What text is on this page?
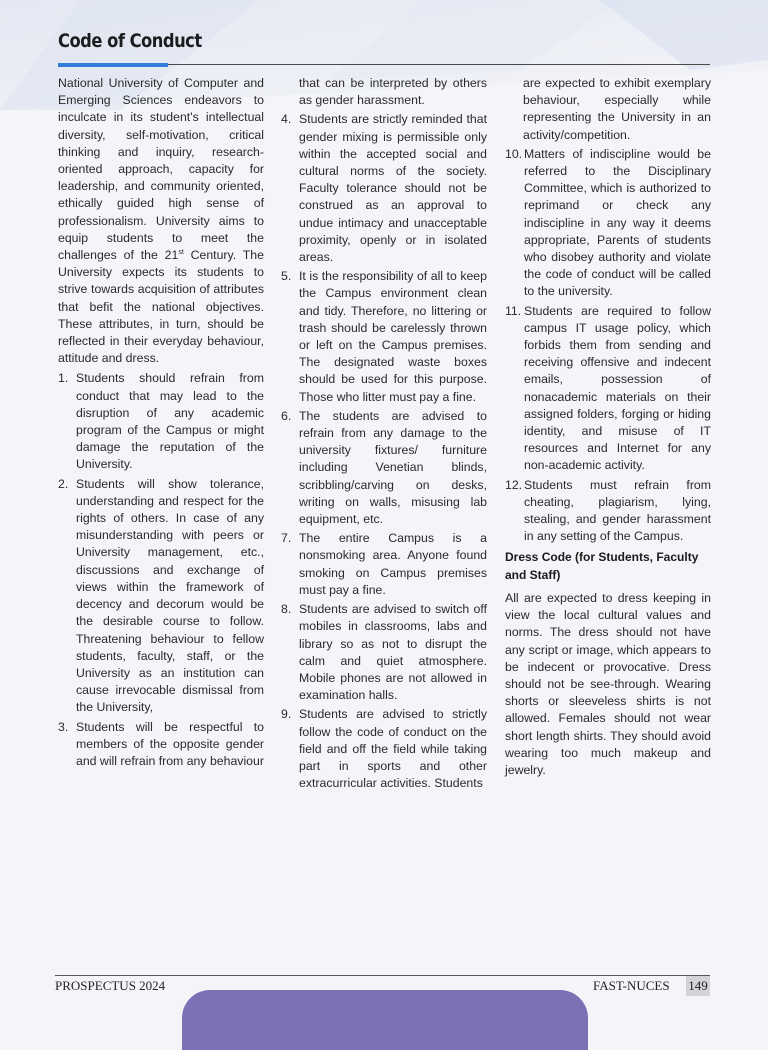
Code of Conduct

National University of Computer and Emerging Sciences endeavors to inculcate in its student's intellectual diversity, self-motivation, critical thinking and inquiry, research-oriented approach, capacity for leadership, and community oriented, ethically guided high sense of professionalism. University aims to equip students to meet the challenges of the 21st Century. The University expects its students to strive towards acquisition of attributes that befit the national objectives. These attributes, in turn, should be reflected in their everyday behaviour, attitude and dress.

1. Students should refrain from conduct that may lead to the disruption of any academic program of the Campus or might damage the reputation of the University.
2. Students will show tolerance, understanding and respect for the rights of others. In case of any misunderstanding with peers or University management, etc., discussions and exchange of views within the framework of decency and decorum would be the desirable course to follow. Threatening behaviour to fellow students, faculty, staff, or the University as an institution can cause irrevocable dismissal from the University,
3. Students will be respectful to members of the opposite gender and will refrain from any behaviour
that can be interpreted by others as gender harassment.
4. Students are strictly reminded that gender mixing is permissible only within the accepted social and cultural norms of the society. Faculty tolerance should not be construed as an approval to undue intimacy and unacceptable proximity, openly or in isolated areas.
5. It is the responsibility of all to keep the Campus environment clean and tidy. Therefore, no littering or trash should be carelessly thrown or left on the Campus premises. The designated waste boxes should be used for this purpose. Those who litter must pay a fine.
6. The students are advised to refrain from any damage to the university fixtures/ furniture including Venetian blinds, scribbling/carving on desks, writing on walls, misusing lab equipment, etc.
7. The entire Campus is a nonsmoking area. Anyone found smoking on Campus premises must pay a fine.
8. Students are advised to switch off mobiles in classrooms, labs and library so as not to disrupt the calm and quiet atmosphere. Mobile phones are not allowed in examination halls.
9. Students are advised to strictly follow the code of conduct on the field and off the field while taking part in sports and other extracurricular activities. Students
are expected to exhibit exemplary behaviour, especially while representing the University in an activity/competition.
10. Matters of indiscipline would be referred to the Disciplinary Committee, which is authorized to reprimand or check any indiscipline in any way it deems appropriate, Parents of students who disobey authority and violate the code of conduct will be called to the university.
11. Students are required to follow campus IT usage policy, which forbids them from sending and receiving offensive and indecent emails, possession of nonacademic materials on their assigned folders, forging or hiding identity, and misuse of IT resources and Internet for any non-academic activity.
12. Students must refrain from cheating, plagiarism, lying, stealing, and gender harassment in any setting of the Campus.
Dress Code (for Students, Faculty and Staff)

All are expected to dress keeping in view the local cultural values and norms. The dress should not have any script or image, which appears to be indecent or provocative. Dress should not be see-through. Wearing shorts or sleeveless shirts is not allowed. Females should not wear short length shirts. They should avoid wearing too much makeup and jewelry.

PROSPECTUS 2024	FAST-NUCES 149
